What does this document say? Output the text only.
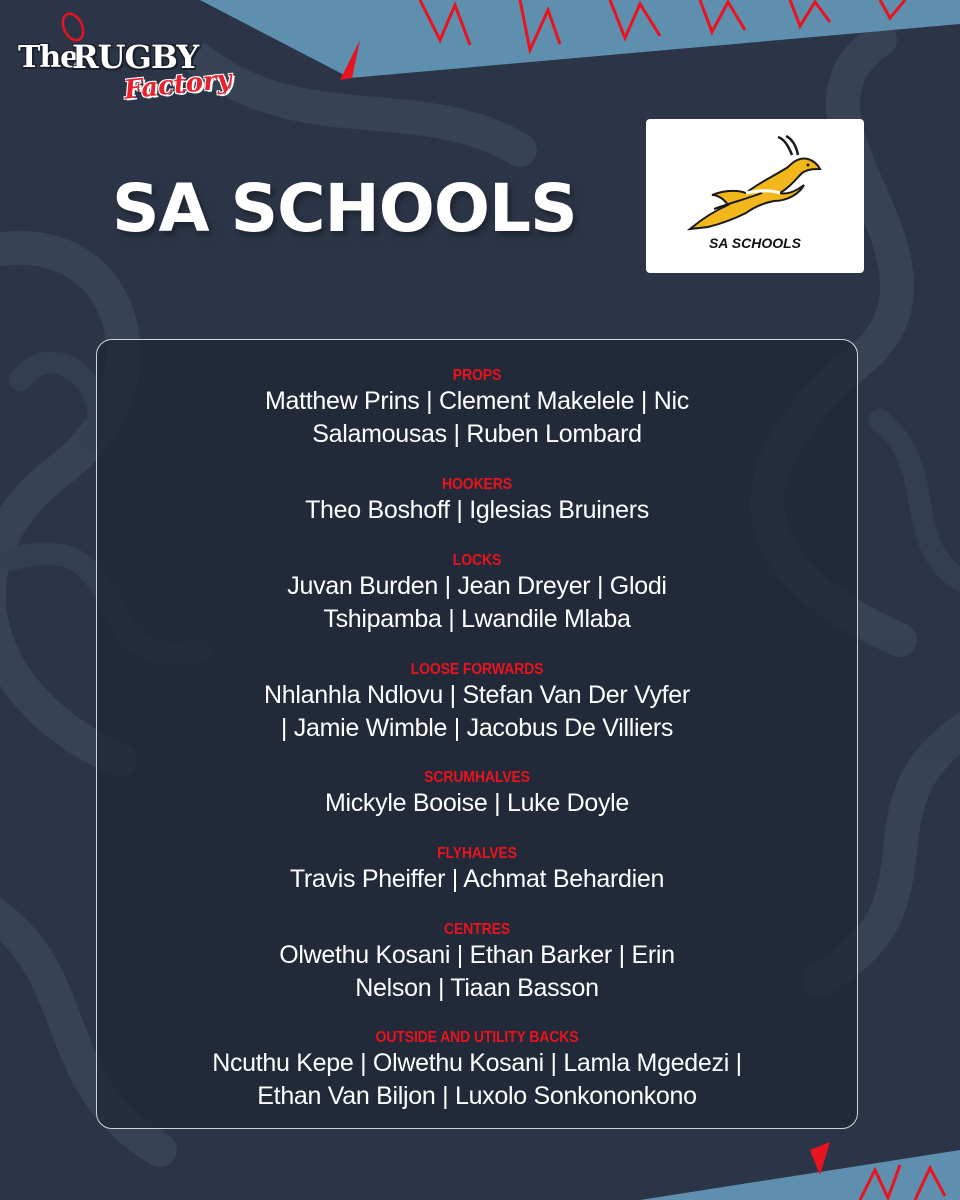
The
RUGBY
Factory
SA SCHOOLS	SA SCHOOLS

PROPS

Matthew Prins | Clement Makelele | Nic
Salamousas | Ruben Lombard

HOOKERS

Theo Boshoff | Iglesias Bruiners

LOCKS

Juvan Burden | Jean Dreyer | Glodi
Tshipamba | Lwandile Mlaba

LOOSE FORWARDS

Nhlanhla Ndlovu | Stefan Van Der Vyfer
| Jamie Wimble | Jacobus De Villiers

SCRUMHALVES

Mickyle Booise | Luke Doyle

FLYHALVES

Travis Pheiffer | Achmat Behardien

CENTRES

Olwethu Kosani | Ethan Barker | Erin
Nelson | Tiaan Basson

OUTSIDE AND UTILITY BACKS

Ncuthu Kepe | Olwethu Kosani | Lamla Mgedezi |
Ethan Van Biljon | Luxolo Sonkononkono
